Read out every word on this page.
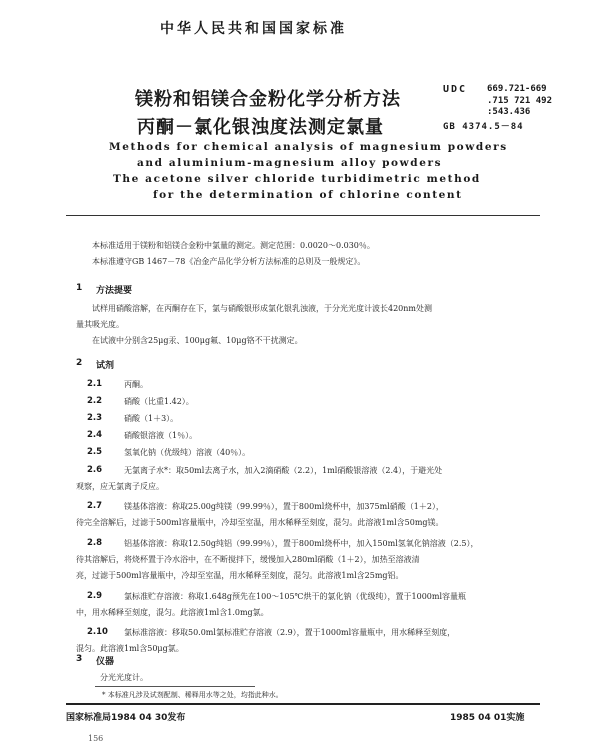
中华人民共和国国家标准
镁粉和铝镁合金粉化学分析方法
丙酮－氯化银浊度法测定氯量
UDC 669.721-669
.715 721 492
:543.436
GB 4374.5－84
Methods for chemical analysis of magnesium powders
and aluminium-magnesium alloy powders
The acetone silver chloride turbidimetric method
for the determination of chlorine content
本标准适用于镁粉和铝镁合金粉中氯量的测定。测定范围：0.0020～0.030％。
本标准遵守GB 1467－78《冶金产品化学分析方法标准的总则及一般规定》。
1 方法提要
试样用硝酸溶解，在丙酮存在下，氯与硝酸银形成氯化银乳浊液，于分光光度计波长420nm处测
量其吸光度。
在试液中分别含25μg汞、100μg氟、10μg铬不干扰测定。
2 试剂
2.1	丙酮。
2.2	硝酸（比重1.42）。
2.3	硝酸（1＋3）。
2.4	硝酸银溶液（1％）。
2.5	氢氧化钠（优级纯）溶液（40％）。
2.6	无氯离子水*：取50ml去离子水，加入2滴硝酸（2.2），1ml硝酸银溶液（2.4），于避光处
观察，应无氯离子反应。
2.7	镁基体溶液：称取25.00g纯镁（99.99％），置于800ml烧杯中，加375ml硝酸（1＋2），
待完全溶解后，过滤于500ml容量瓶中，冷却至室温，用水稀释至刻度，混匀。此溶液1ml含50mg镁。
2.8	铝基体溶液：称取12.50g纯铝（99.99％），置于800ml烧杯中，加入150ml氢氧化钠溶液（2.5），
待其溶解后，将烧杯置于冷水浴中，在不断搅拌下，缓慢加入280ml硝酸（1＋2），加热至溶液清
亮，过滤于500ml容量瓶中，冷却至室温，用水稀释至刻度，混匀。此溶液1ml含25mg铝。
2.9	氯标准贮存溶液：称取1.648g预先在100～105℃烘干的氯化钠（优级纯），置于1000ml容量瓶
中，用水稀释至刻度，混匀。此溶液1ml含1.0mg氯。
2.10 氯标准溶液：移取50.0ml氯标准贮存溶液（2.9），置于1000ml容量瓶中，用水稀释至刻度，
混匀。此溶液1ml含50μg氯。
3 仪器
分光光度计。
* 本标准凡涉及试剂配制、稀释用水等之处，均指此种水。
国家标准局1984 04 30发布	1985 04 01实施
156
